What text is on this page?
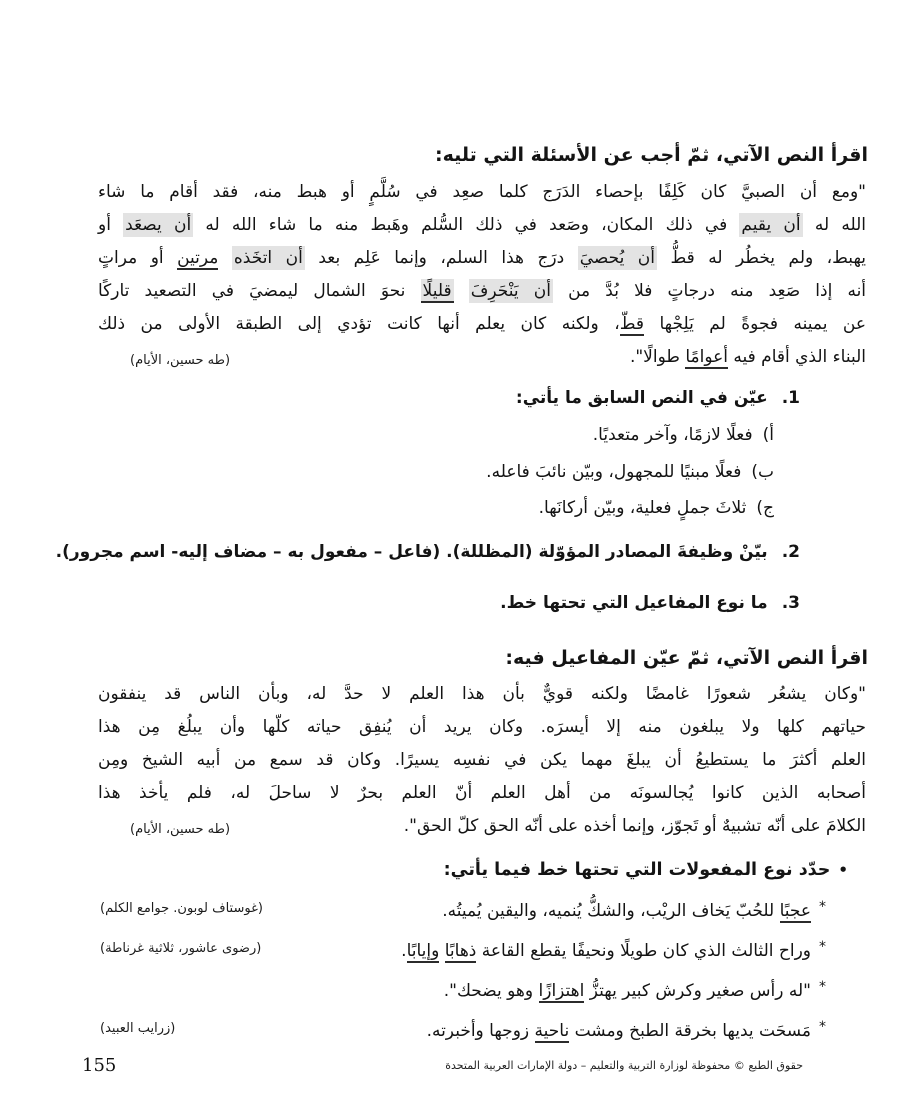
اقرأ النص الآتي، ثمّ أجب عن الأسئلة التي تليه:
"ومع أن الصبيَّ كان كَلِفًا بإحصاء الدَرَج كلما صعِد في سُلَّمٍ أو هبط منه، فقد أقام ما شاء
الله له أن يقيم في ذلك المكان، وصَعد في ذلك السُّلم وهَبط منه ما شاء الله له أن يصعَد أو
يهبط، ولم يخطُر له قطُّ أن يُحصيَ درَج هذا السلم، وإنما عَلِم بعد أن اتخَذه مرتين أو مراتٍ
أنه إذا صَعِد منه درجاتٍ فلا بُدَّ من أن يَنْحَرِفَ قليلًا نحوَ الشمال ليمضيَ في التصعيد تاركًا
عن يمينه فجوةً لم يَلِجْها قطّ، ولكنه كان يعلم أنها كانت تؤدي إلى الطبقة الأولى من ذلك
البناء الذي أقام فيه أعوامًا طوالًا".
(طه حسين، الأيام)
1.عيّن في النص السابق ما يأتي:
أ)فعلًا لازمًا، وآخر متعديًا.
ب)فعلًا مبنيًا للمجهول، وبيّن نائبَ فاعله.
ج)ثلاثَ جملٍ فعلية، وبيّن أركانَها.
2.بيّنْ وظيفةَ المصادر المؤوّلة (المظللة). (فاعل – مفعول به – مضاف إليه- اسم مجرور).
3.ما نوع المفاعيل التي تحتها خط.
اقرأ النص الآتي، ثمّ عيّن المفاعيل فيه:
"وكان يشعُر شعورًا غامضًا ولكنه قويٌّ بأن هذا العلم لا حدَّ له، وبأن الناس قد ينفقون
حياتهم كلها ولا يبلغون منه إلا أيسرَه. وكان يريد أن يُنفِق حياته كلّها وأن يبلُغ مِن هذا
العلم أكثرَ ما يستطيعُ أن يبلغَ مهما يكن في نفسِه يسيرًا. وكان قد سمع من أبيه الشيخ ومِن
أصحابه الذين كانوا يُجالسونَه من أهل العلم أنّ العلم بحرٌ لا ساحلَ له، فلم يأخذ هذا
الكلامَ على أنّه تشبيهٌ أو تَجوّز، وإنما أخذه على أنّه الحق كلّ الحق".
(طه حسين، الأيام)
•حدّد نوع المفعولات التي تحتها خط فيما يأتي:
*عجبًا للحُبّ يَخاف الريْب، والشكُّ يُنميه، واليقين يُميتُه.
(غوستاف لوبون. جوامع الكلم)
*وراح الثالث الذي كان طويلًا ونحيفًا يقطع القاعة ذهابًا وإيابًا.
(رضوى عاشور، ثلاثية غرناطة)
*"له رأس صغير وكرش كبير يهتزُّ اهتزازًا وهو يضحك".
*مَسحَت يديها بخرقة الطبخ ومشت ناحية زوجها وأخبرته.
(زرايب العبيد)
155	حقوق الطبع © محفوظة لوزارة التربية والتعليم – دولة الإمارات العربية المتحدة
